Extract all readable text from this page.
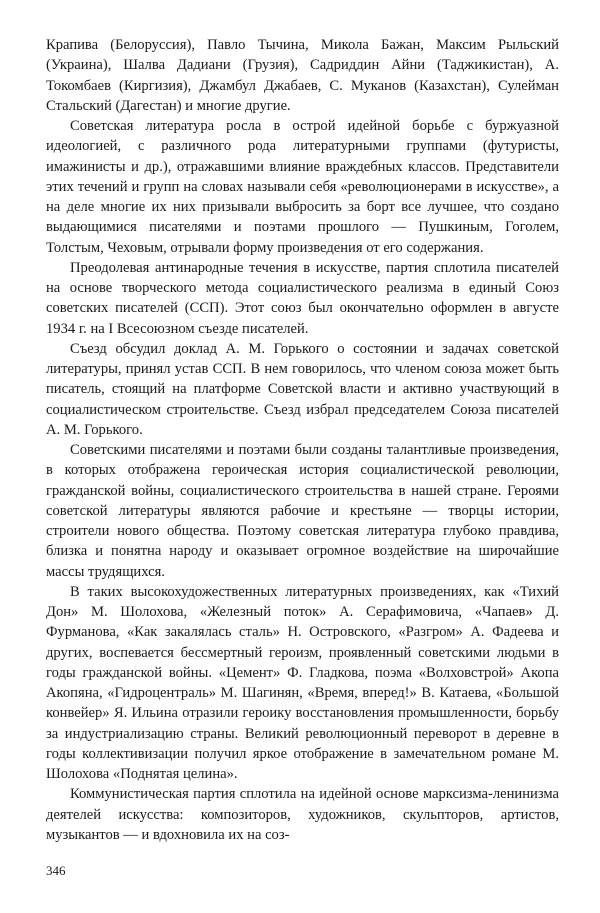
Крапива (Белоруссия), Павло Тычина, Микола Бажан, Максим Рыльский (Украина), Шалва Дадиани (Грузия), Садриддин Айни (Таджикистан), А. Токомбаев (Киргизия), Джамбул Джабаев, С. Муканов (Казахстан), Сулейман Стальский (Дагестан) и многие другие.

Советская литература росла в острой идейной борьбе с буржуазной идеологией, с различного рода литературными группами (футуристы, имажинисты и др.), отражавшими влияние враждебных классов. Представители этих течений и групп на словах называли себя «революционерами в искусстве», а на деле многие их них призывали выбросить за борт все лучшее, что создано выдающимися писателями и поэтами прошлого — Пушкиным, Гоголем, Толстым, Чеховым, отрывали форму произведения от его содержания.

Преодолевая антинародные течения в искусстве, партия сплотила писателей на основе творческого метода социалистического реализма в единый Союз советских писателей (ССП). Этот союз был окончательно оформлен в августе 1934 г. на I Всесоюзном съезде писателей.

Съезд обсудил доклад А. М. Горького о состоянии и задачах советской литературы, принял устав ССП. В нем говорилось, что членом союза может быть писатель, стоящий на платформе Советской власти и активно участвующий в социалистическом строительстве. Съезд избрал председателем Союза писателей А. М. Горького.

Советскими писателями и поэтами были созданы талантливые произведения, в которых отображена героическая история социалистической революции, гражданской войны, социалистического строительства в нашей стране. Героями советской литературы являются рабочие и крестьяне — творцы истории, строители нового общества. Поэтому советская литература глубоко правдива, близка и понятна народу и оказывает огромное воздействие на широчайшие массы трудящихся.

В таких высокохудожественных литературных произведениях, как «Тихий Дон» М. Шолохова, «Железный поток» А. Серафимовича, «Чапаев» Д. Фурманова, «Как закалялась сталь» Н. Островского, «Разгром» А. Фадеева и других, воспевается бессмертный героизм, проявленный советскими людьми в годы гражданской войны. «Цемент» Ф. Гладкова, поэма «Волховстрой» Акопа Акопяна, «Гидроцентраль» М. Шагинян, «Время, вперед!» В. Катаева, «Большой конвейер» Я. Ильина отразили героику восстановления промышленности, борьбу за индустриализацию страны. Великий революционный переворот в деревне в годы коллективизации получил яркое отображение в замечательном романе М. Шолохова «Поднятая целина».

Коммунистическая партия сплотила на идейной основе марксизма-ленинизма деятелей искусства: композиторов, художников, скульпторов, артистов, музыкантов — и вдохновила их на соз-

346
